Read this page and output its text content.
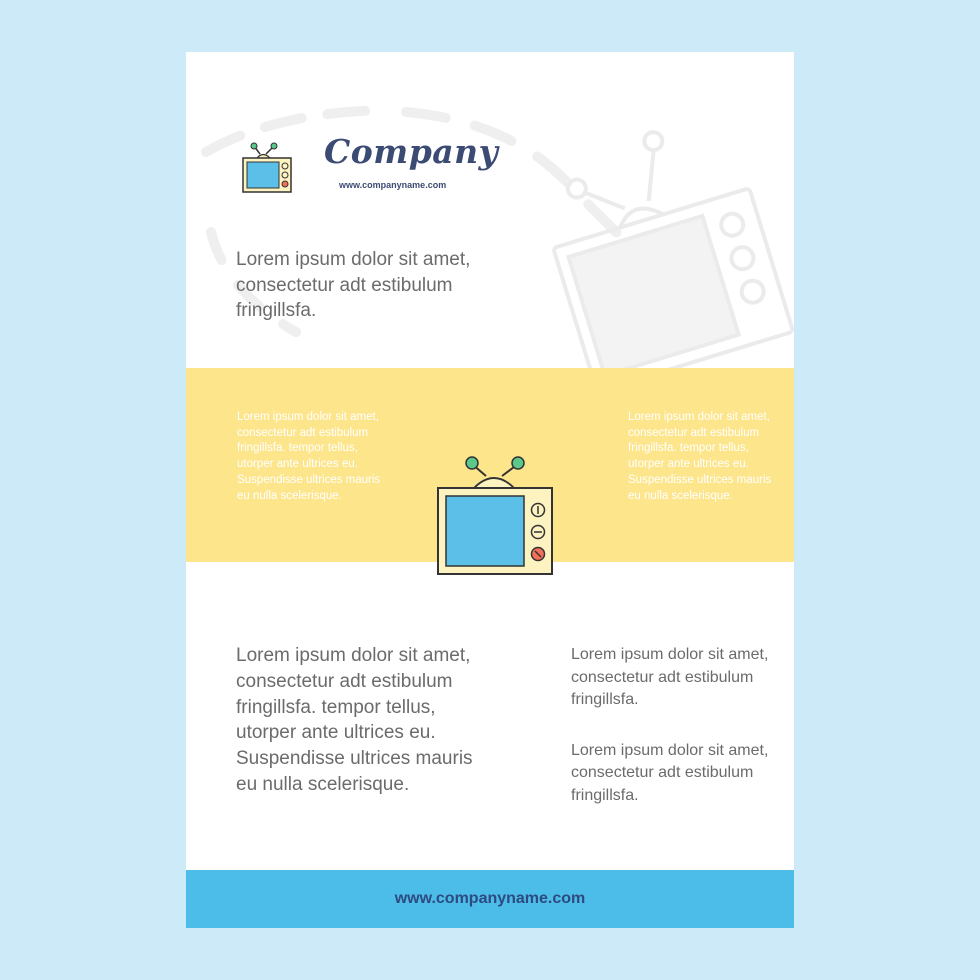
Company
www.companyname.com
Lorem ipsum dolor sit amet, consectetur adt estibulum fringillsfa.
Lorem ipsum dolor sit amet, consectetur adt estibulum fringillsfa. tempor tellus, utorper ante ultrices eu. Suspendisse ultrices mauris eu nulla scelerisque.
Lorem ipsum dolor sit amet, consectetur adt estibulum fringillsfa. tempor tellus, utorper ante ultrices eu. Suspendisse ultrices mauris eu nulla scelerisque.
Lorem ipsum dolor sit amet, consectetur adt estibulum fringillsfa. tempor tellus, utorper ante ultrices eu. Suspendisse ultrices mauris eu nulla scelerisque.

Lorem ipsum dolor sit amet, consectetur adt estibulum fringillsfa.

Lorem ipsum dolor sit amet, consectetur adt estibulum fringillsfa.

www.companyname.com
